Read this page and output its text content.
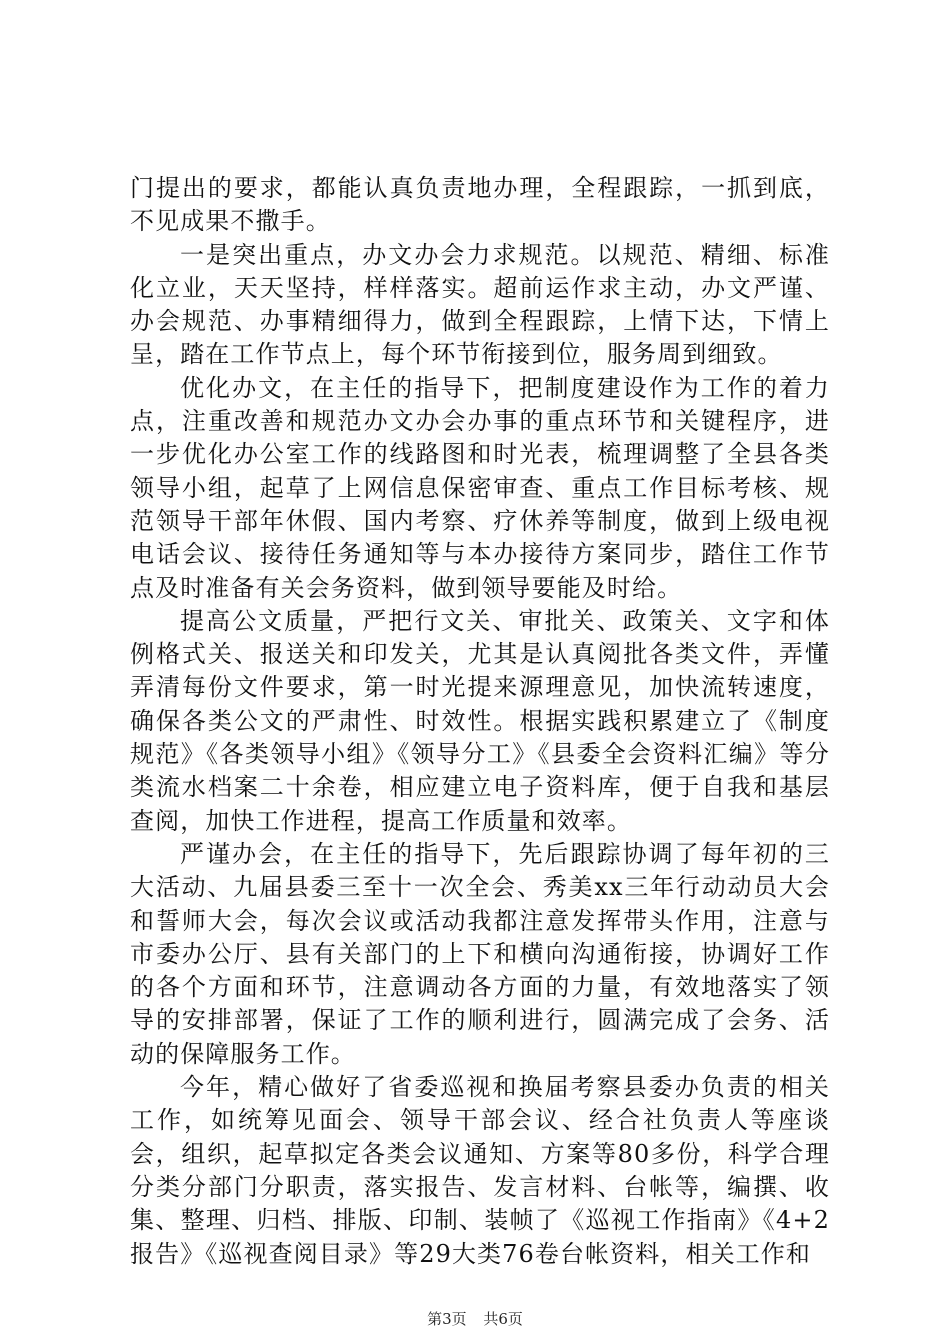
门提出的要求，都能认真负责地办理，全程跟踪，一抓到底，不见成果不撒手。

一是突出重点，办文办会力求规范。以规范、精细、标准化立业，天天坚持，样样落实。超前运作求主动，办文严谨、办会规范、办事精细得力，做到全程跟踪，上情下达，下情上呈，踏在工作节点上，每个环节衔接到位，服务周到细致。

优化办文，在主任的指导下，把制度建设作为工作的着力点，注重改善和规范办文办会办事的重点环节和关键程序，进一步优化办公室工作的线路图和时光表，梳理调整了全县各类领导小组，起草了上网信息保密审查、重点工作目标考核、规范领导干部年休假、国内考察、疗休养等制度，做到上级电视电话会议、接待任务通知等与本办接待方案同步，踏住工作节点及时准备有关会务资料，做到领导要能及时给。

提高公文质量，严把行文关、审批关、政策关、文字和体例格式关、报送关和印发关，尤其是认真阅批各类文件，弄懂弄清每份文件要求，第一时光提来源理意见，加快流转速度，确保各类公文的严肃性、时效性。根据实践积累建立了《制度规范》《各类领导小组》《领导分工》《县委全会资料汇编》等分类流水档案二十余卷，相应建立电子资料库，便于自我和基层查阅，加快工作进程，提高工作质量和效率。

严谨办会，在主任的指导下，先后跟踪协调了每年初的三大活动、九届县委三至十一次全会、秀美xx三年行动动员大会和誓师大会，每次会议或活动我都注意发挥带头作用，注意与市委办公厅、县有关部门的上下和横向沟通衔接，协调好工作的各个方面和环节，注意调动各方面的力量，有效地落实了领导的安排部署，保证了工作的顺利进行，圆满完成了会务、活动的保障服务工作。

今年，精心做好了省委巡视和换届考察县委办负责的相关工作，如统筹见面会、领导干部会议、经合社负责人等座谈会，组织，起草拟定各类会议通知、方案等80多份，科学合理分类分部门分职责，落实报告、发言材料、台帐等，编撰、收集、整理、归档、排版、印制、装帧了《巡视工作指南》《4+2报告》《巡视查阅目录》等29大类76卷台帐资料，相关工作和

第3页 共6页
